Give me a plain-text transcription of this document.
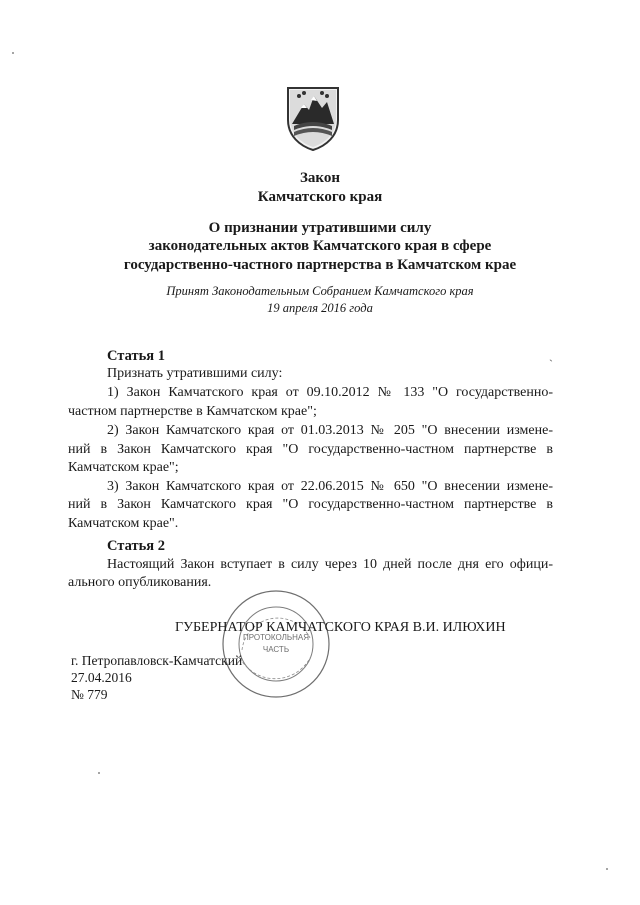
Закон
Камчатского края
О признании утратившими силу
законодательных актов Камчатского края в сфере
государственно-частного партнерства в Камчатском крае
Принят Законодательным Собранием Камчатского края
19 апреля 2016 года
ˏ
Статья 1
Признать утратившими силу:
1) Закон Камчатского края от 09.10.2012 № 133 "О государственно-
частном партнерстве в Камчатском крае";
2) Закон Камчатского края от 01.03.2013 № 205 "О внесении измене-
ний в Закон Камчатского края "О государственно-частном партнерстве в
Камчатском крае";
3) Закон Камчатского края от 22.06.2015 № 650 "О внесении измене-
ний в Закон Камчатского края "О государственно-частном партнерстве в
Камчатском крае".
Статья 2
Настоящий Закон вступает в силу через 10 дней после дня его офици-
ального опубликования.
ПРОТОКОЛЬНАЯ
ЧАСТЬ
ГУБЕРНАТОР КАМЧАТСКОГО КРАЯ В.И. ИЛЮХИН
г. Петропавловск-Камчатский
27.04.2016
№ 779
